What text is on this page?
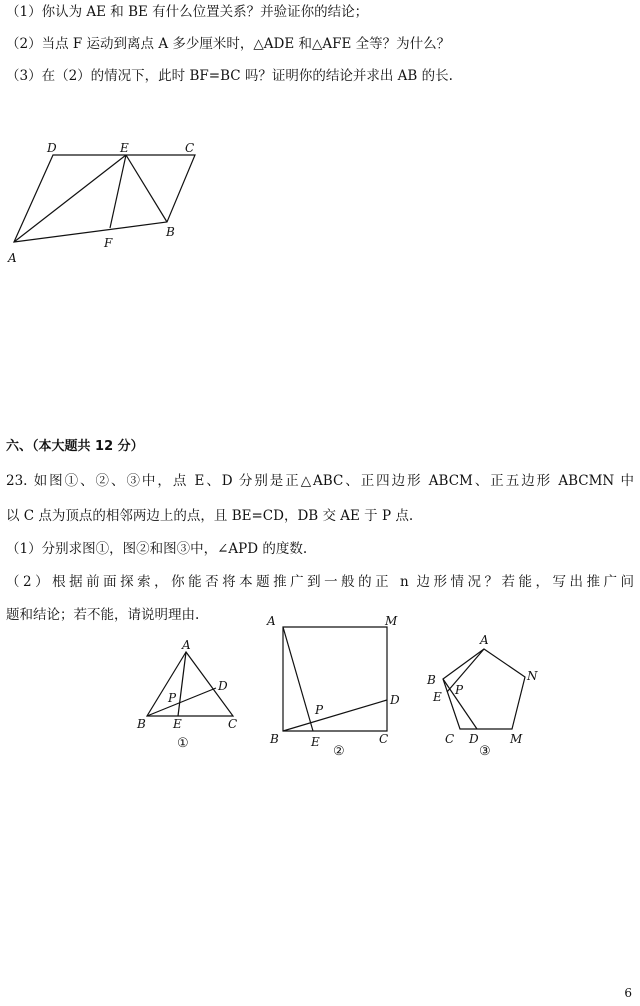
（1）你认为 AE 和 BE 有什么位置关系？并验证你的结论；
（2）当点 F 运动到离点 A 多少厘米时，△ADE 和△AFE 全等？为什么？
（3）在（2）的情况下，此时 BF=BC 吗？证明你的结论并求出 AB 的长.
D	E	C
A
F
B
六、（本大题共 12 分）
23. 如图①、②、③中，点 E、D 分别是正△ABC、正四边形 ABCM、正五边形 ABCMN 中
以 C 点为顶点的相邻两边上的点，且 BE=CD，DB 交 AE 于 P 点.
（1）分别求图①，图②和图③中，∠APD 的度数.
（2）根据前面探索，你能否将本题推广到一般的正 n 边形情况？若能，写出推广问
题和结论；若不能，请说明理由.
A
D
P
B E	C
①
A	M
P
D
B	E	C
②
A
N
B
P
E
C D	M
③
6
